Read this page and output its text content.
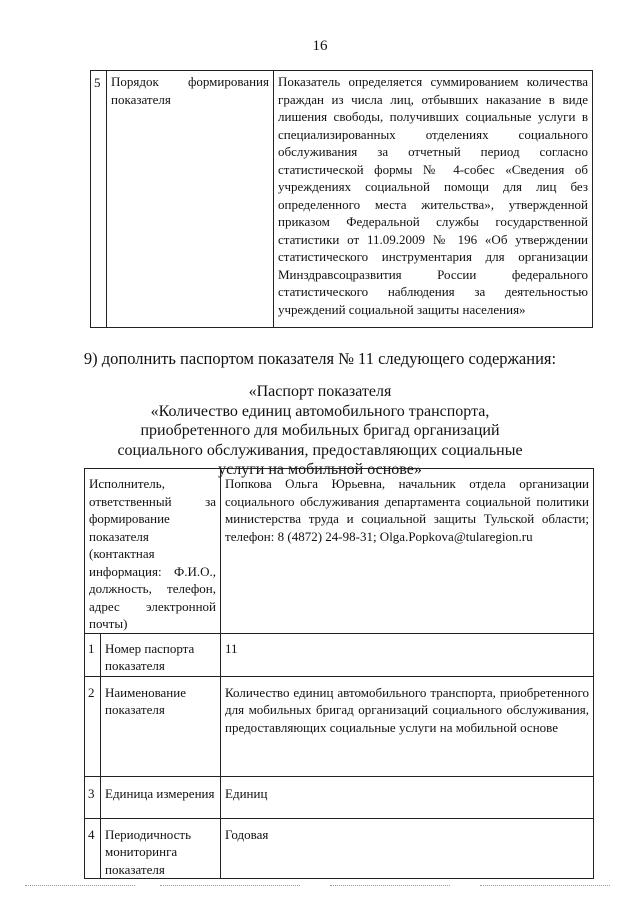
16
5	Порядок формирования показателя	Показатель определяется суммированием количества граждан из числа лиц, отбывших наказание в виде лишения свободы, получивших социальные услуги в специализированных отделениях социального обслуживания за отчетный период согласно статистической формы № 4-собес «Сведения об учреждениях социальной помощи для лиц без определенного места жительства», утвержденной приказом Федеральной службы государственной статистики от 11.09.2009 № 196 «Об утверждении статистического инструментария для организации Минздравсоцразвития России федерального статистического наблюдения за деятельностью учреждений социальной защиты населения»
9) дополнить паспортом показателя № 11 следующего содержания:
«Паспорт показателя
«Количество единиц автомобильного транспорта, приобретенного для мобильных бригад организаций социального обслуживания, предоставляющих социальные услуги на мобильной основе»
Исполнитель, ответственный за формирование показателя (контактная информация: Ф.И.О., должность, телефон, адрес электронной почты)		Попкова Ольга Юрьевна, начальник отдела организации социального обслуживания департамента социальной политики министерства труда и социальной защиты Тульской области; телефон: 8 (4872) 24-98-31; Olga.Popkova@tularegion.ru
1	Номер паспорта показателя	11
2	Наименование показателя	Количество единиц автомобильного транспорта, приобретенного для мобильных бригад организаций социального обслуживания, предоставляющих социальные услуги на мобильной основе
3	Единица измерения	Единиц
4	Периодичность мониторинга показателя	Годовая
